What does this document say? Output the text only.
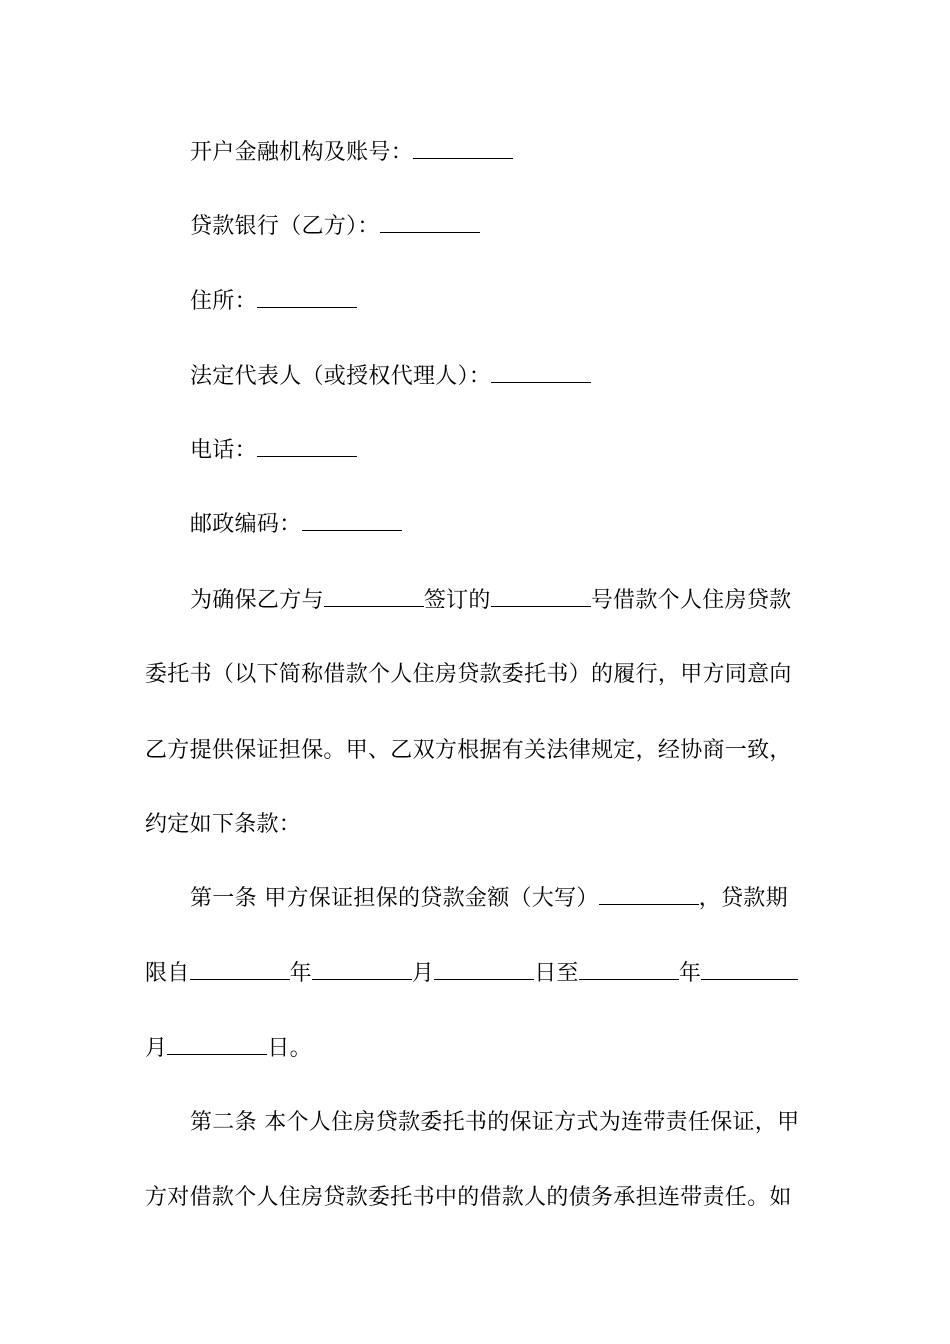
开户金融机构及账号：
贷款银行（乙方）：
住所：
法定代表人（或授权代理人）：
电话：
邮政编码：
为确保乙方与	签订的	号借款个人住房贷款
委托书（以下简称借款个人住房贷款委托书）的履行，甲方同意向
乙方提供保证担保。甲、乙双方根据有关法律规定，经协商一致，
约定如下条款：
第一条 甲方保证担保的贷款金额（大写）	，贷款期
限自	年	月	日至	年
月	日。
第二条 本个人住房贷款委托书的保证方式为连带责任保证，甲
方对借款个人住房贷款委托书中的借款人的债务承担连带责任。如
